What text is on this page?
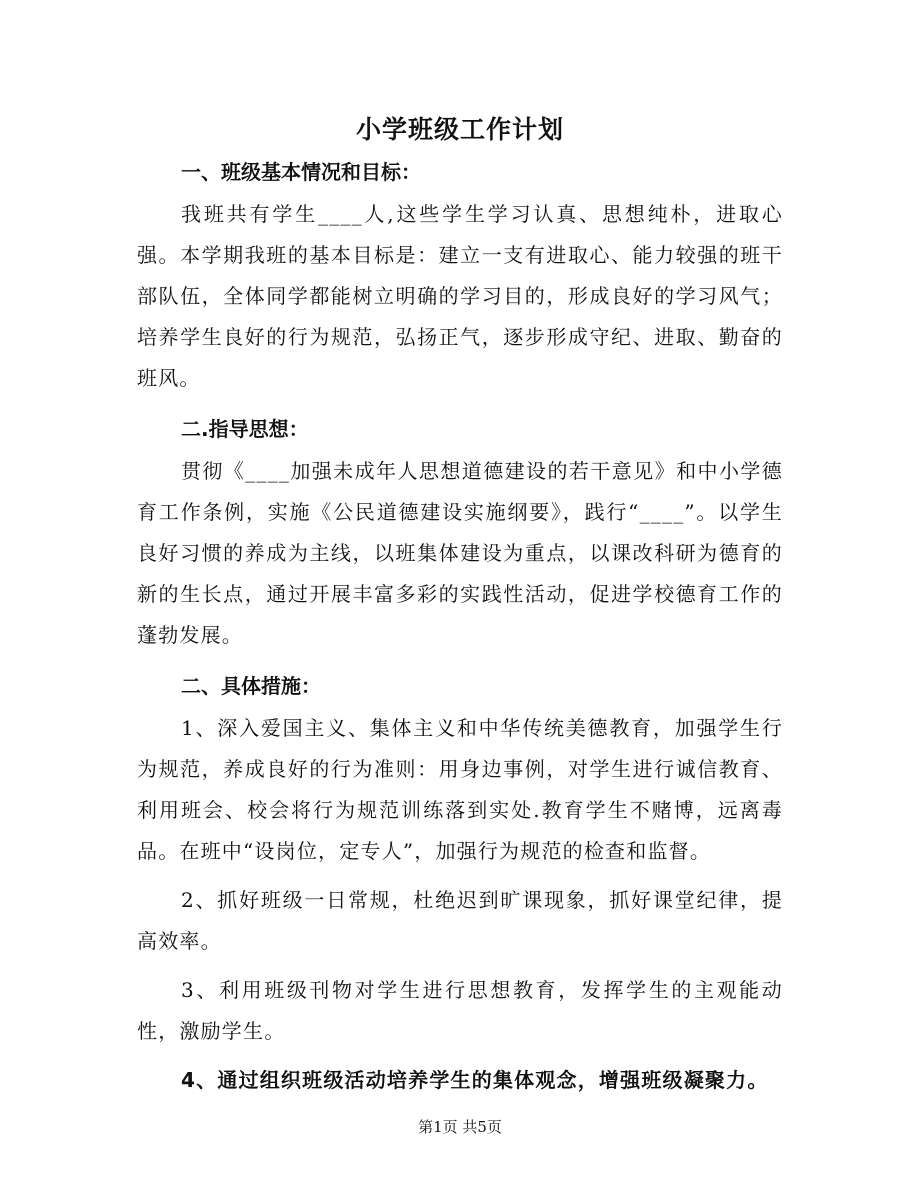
小学班级工作计划
一、班级基本情况和目标：

我班共有学生____人,这些学生学习认真、思想纯朴，进取心强。本学期我班的基本目标是：建立一支有进取心、能力较强的班干部队伍，全体同学都能树立明确的学习目的，形成良好的学习风气；培养学生良好的行为规范，弘扬正气，逐步形成守纪、进取、勤奋的班风。

二.指导思想：

贯彻《____加强未成年人思想道德建设的若干意见》和中小学德育工作条例，实施《公民道德建设实施纲要》，践行“____”。以学生良好习惯的养成为主线，以班集体建设为重点，以课改科研为德育的新的生长点，通过开展丰富多彩的实践性活动，促进学校德育工作的蓬勃发展。

二、具体措施：

1、深入爱国主义、集体主义和中华传统美德教育，加强学生行为规范，养成良好的行为准则：用身边事例，对学生进行诚信教育、利用班会、校会将行为规范训练落到实处.教育学生不赌博，远离毒品。在班中“设岗位，定专人”，加强行为规范的检查和监督。

2、抓好班级一日常规，杜绝迟到旷课现象，抓好课堂纪律，提高效率。

3、利用班级刊物对学生进行思想教育，发挥学生的主观能动性，激励学生。

4、通过组织班级活动培养学生的集体观念，增强班级凝聚力。

第1页 共5页
